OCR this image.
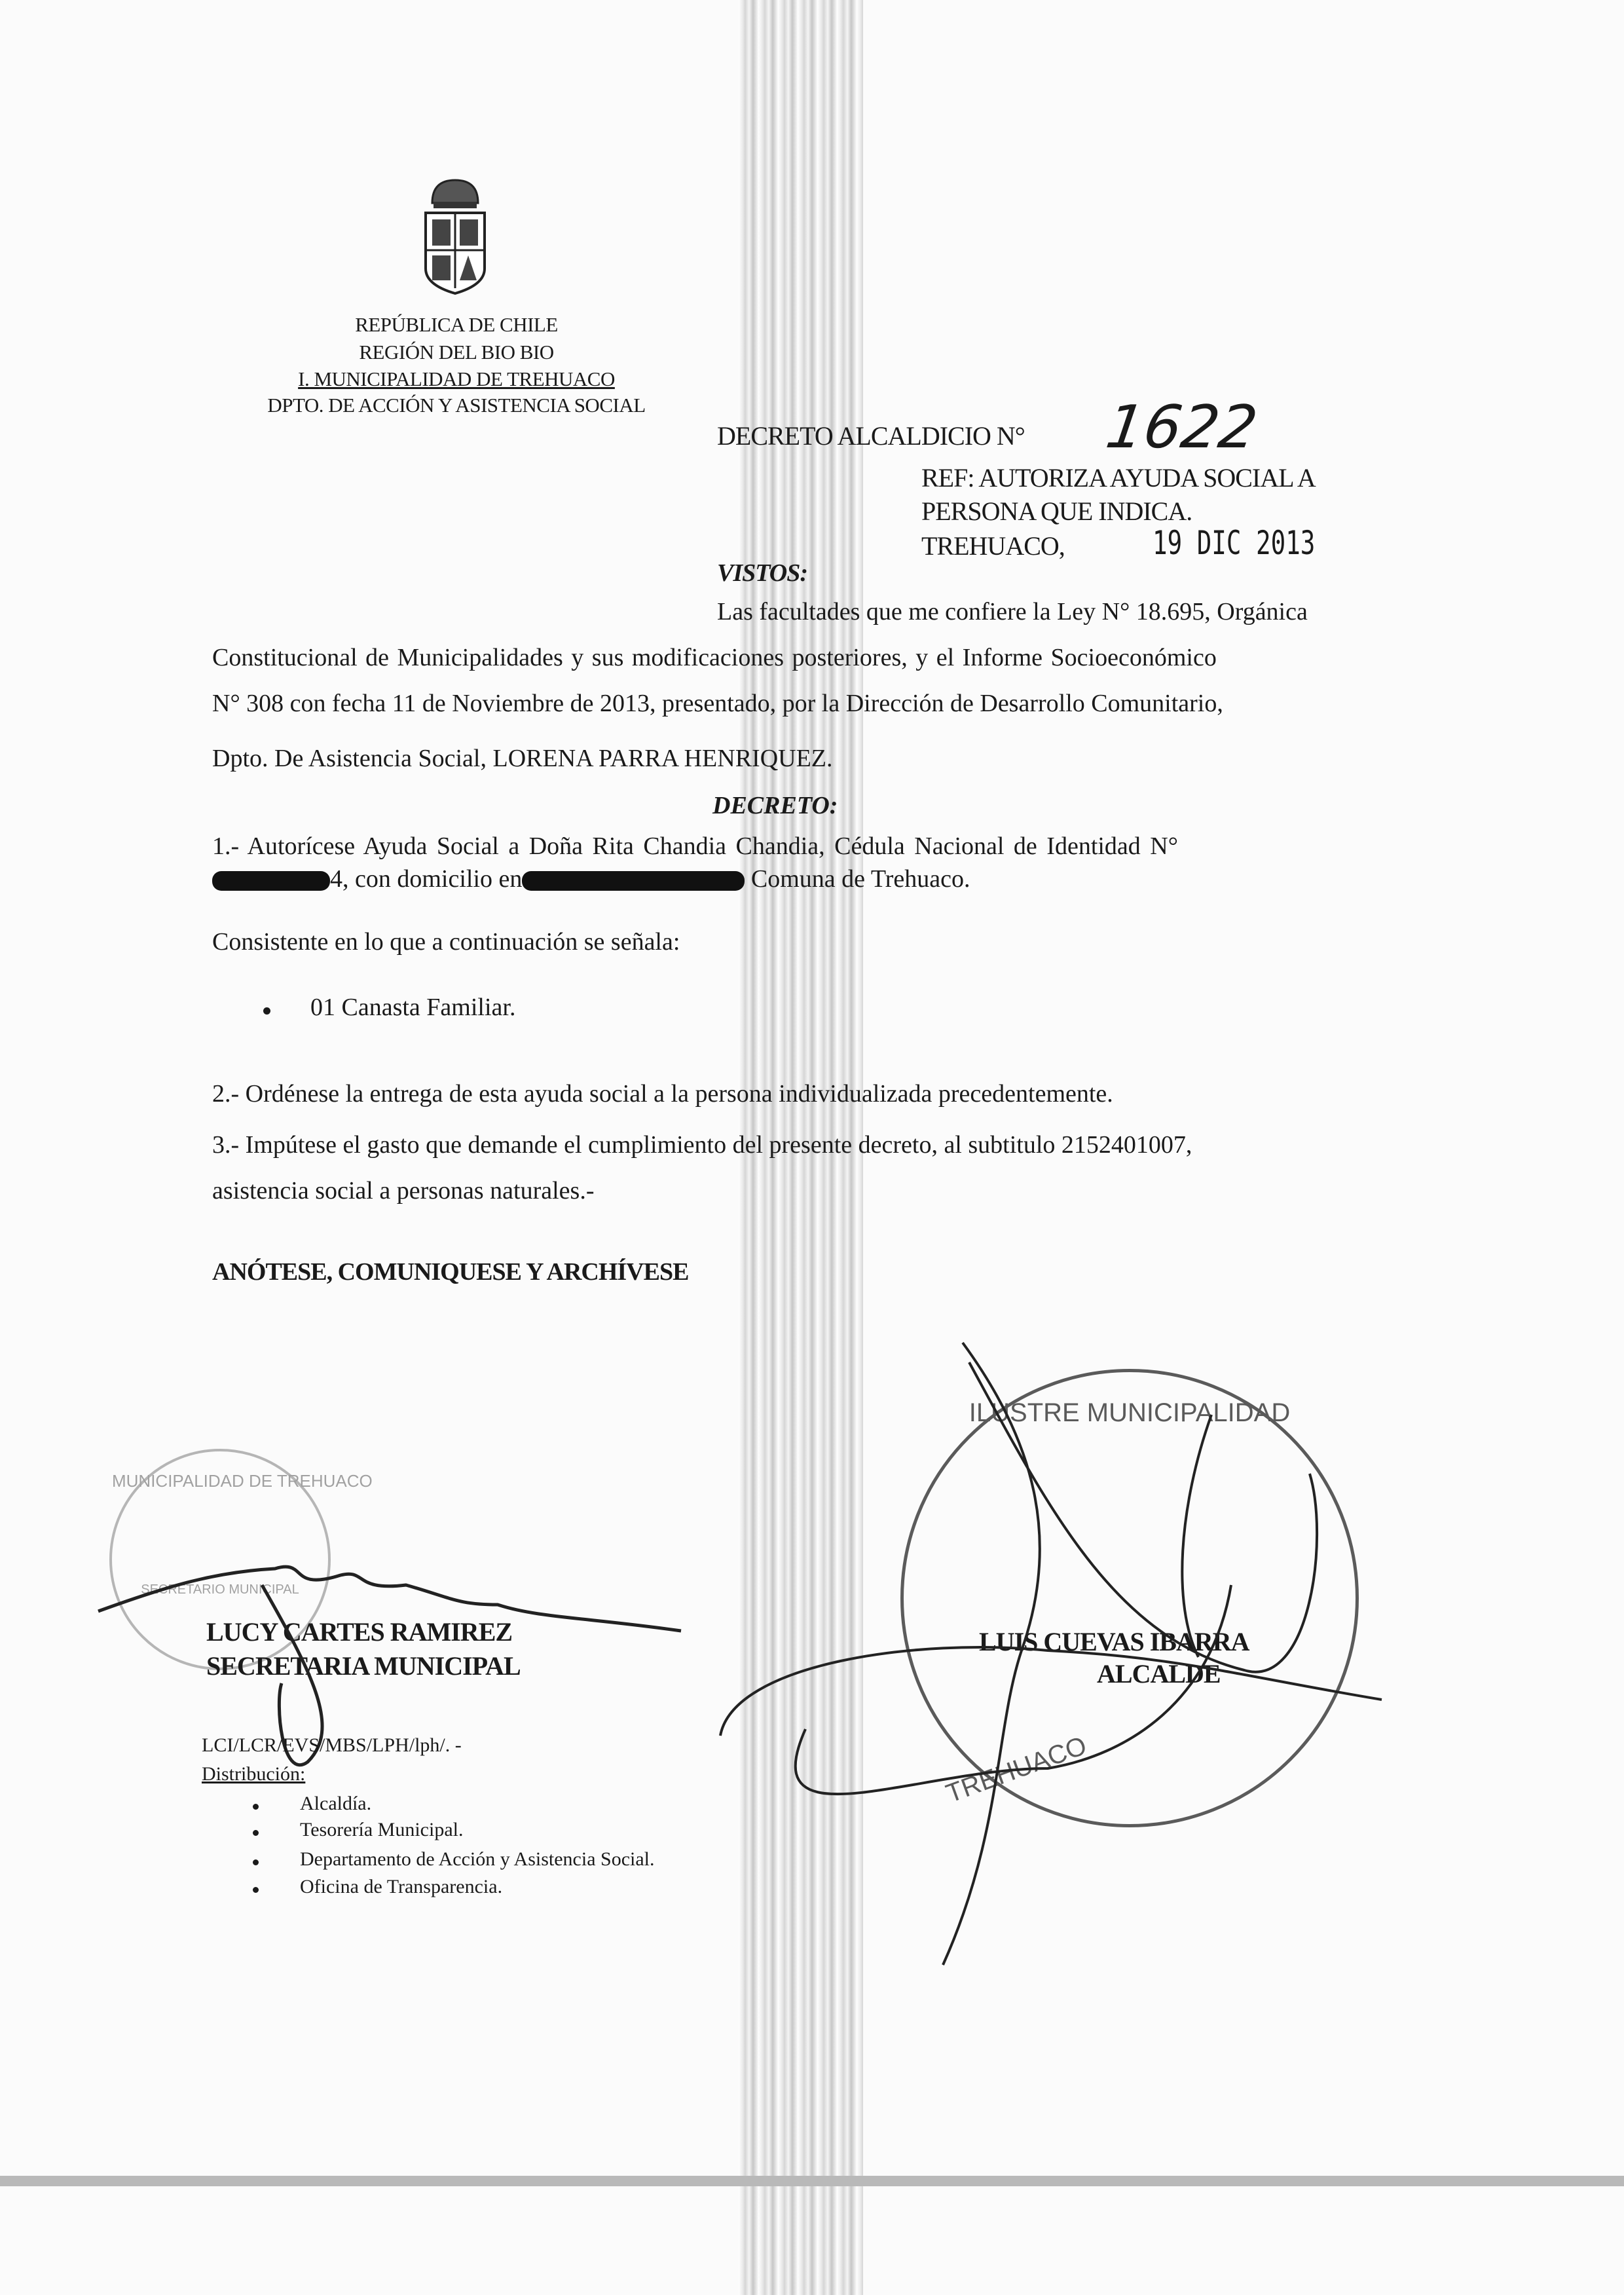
REPÚBLICA DE CHILE
REGIÓN DEL BIO BIO
I. MUNICIPALIDAD DE TREHUACO
DPTO. DE ACCIÓN Y ASISTENCIA SOCIAL
DECRETO ALCALDICIO N° 1622
REF: AUTORIZA AYUDA SOCIAL A
PERSONA QUE INDICA.
TREHUACO,	19 DIC 2013
VISTOS:
Las facultades que me confiere la Ley N° 18.695, Orgánica
Constitucional de Municipalidades y sus modificaciones posteriores, y el Informe Socioeconómico
N° 308 con fecha 11 de Noviembre de 2013, presentado, por la Dirección de Desarrollo Comunitario,
Dpto. De Asistencia Social, LORENA PARRA HENRIQUEZ.
DECRETO:
1.- Autorícese Ayuda Social a Doña Rita Chandia Chandia, Cédula Nacional de Identidad N°
4, con domicilio en	Comuna de Trehuaco.
Consistente en lo que a continuación se señala:
01 Canasta Familiar.
2.- Ordénese la entrega de esta ayuda social a la persona individualizada precedentemente.
3.- Impútese el gasto que demande el cumplimiento del presente decreto, al subtitulo 2152401007,
asistencia social a personas naturales.-
ANÓTESE, COMUNIQUESE Y ARCHÍVESE
MUNICIPALIDAD DE TREHUACO
SECRETARIO MUNICIPAL
ILUSTRE MUNICIPALIDAD
TREHUACO
LUCY CARTES RAMIREZ
SECRETARIA MUNICIPAL
LUIS CUEVAS IBARRA
ALCALDE
LCI/LCR/EVS/MBS/LPH/lph/. -
Distribución:
Alcaldía.
Tesorería Municipal.
Departamento de Acción y Asistencia Social.
Oficina de Transparencia.
